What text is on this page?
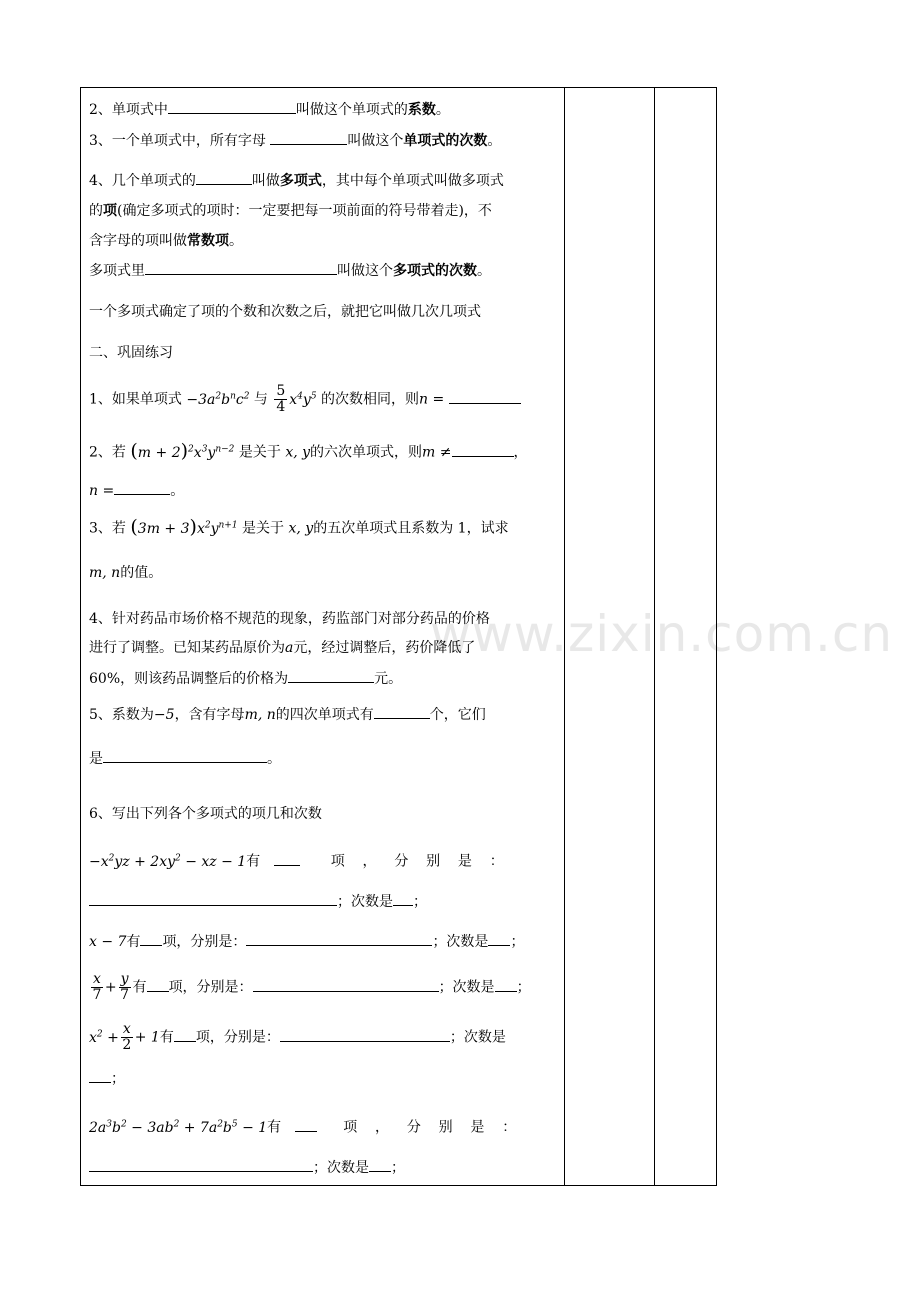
www.zixin.com.cn
2、单项式中	叫做这个单项式的系数。
3、一个单项式中，所有字母	叫做这个单项式的次数。
4、几个单项式的	叫做多项式，其中每个单项式叫做多项式
的项(确定多项式的项时：一定要把每一项前面的符号带着走)，不
含字母的项叫做常数项。
多项式里	叫做这个多项式的次数。
一个多项式确定了项的个数和次数之后，就把它叫做几次几项式
二、巩固练习
1、如果单项式 $-3a^2b^nc^2$ 与 $\frac{5}{4} x^4y^5$ 的次数相同，则n =
2、若 $(m + 2)^2x^3y^{n-2}$ 是关于 x, y的六次单项式，则m ≠	，
n =	。
3、若 $(3m + 3)x^2y^{n+1}$ 是关于 x, y的五次单项式且系数为 1，试求
m, n的值。
4、针对药品市场价格不规范的现象，药监部门对部分药品的价格
进行了调整。已知某药品原价为a元，经过调整后，药价降低了
60%，则该药品调整后的价格为	元。
5、系数为−5，含有字母m, n的四次单项式有	个，它们
是	。
6、写出下列各个多项式的项几和次数
$-x^2yz + 2xy^2$ − xz − 1有	项    ，    分    别    是    ：
；次数是 ；
x − 7有 项，分别是：	；次数是 ；
$\frac{x}{7} + \frac{y}{7}$ 有 项，分别是：	；次数是 ；
$x^2 + \frac{x}{2} + 1$有 项，分别是：	；次数是
；
$2a^3b^2 - 3ab^2 + 7a^2b^5 - 1$有	项    ，    分    别    是    ：
；次数是 ；
